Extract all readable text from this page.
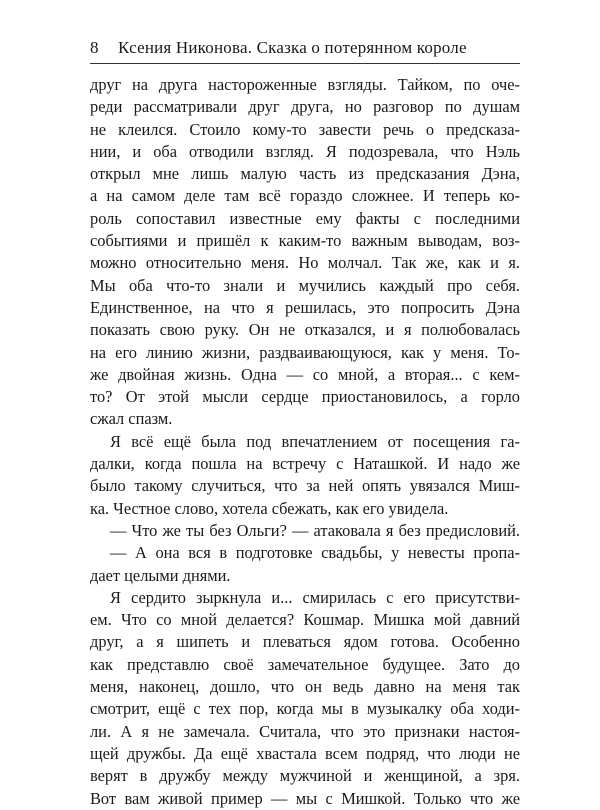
8 Ксения Никонова. Сказка о потерянном короле
друг на друга настороженные взгляды. Тайком, по оче-
реди рассматривали друг друга, но разговор по душам
не клеился. Стоило кому-то завести речь о предсказа-
нии, и оба отводили взгляд. Я подозревала, что Нэль
открыл мне лишь малую часть из предсказания Дэна,
а на самом деле там всё гораздо сложнее. И теперь ко-
роль сопоставил известные ему факты с последними
событиями и пришёл к каким-то важным выводам, воз-
можно относительно меня. Но молчал. Так же, как и я.
Мы оба что-то знали и мучились каждый про себя.
Единственное, на что я решилась, это попросить Дэна
показать свою руку. Он не отказался, и я полюбовалась
на его линию жизни, раздваивающуюся, как у меня. То-
же двойная жизнь. Одна — со мной, а вторая... с кем-
то? От этой мысли сердце приостановилось, а горло
сжал спазм.
Я всё ещё была под впечатлением от посещения га-
далки, когда пошла на встречу с Наташкой. И надо же
было такому случиться, что за ней опять увязался Миш-
ка. Честное слово, хотела сбежать, как его увидела.
— Что же ты без Ольги? — атаковала я без предисловий.
— А она вся в подготовке свадьбы, у невесты пропа-
дает целыми днями.
Я сердито зыркнула и... смирилась с его присутстви-
ем. Что со мной делается? Кошмар. Мишка мой давний
друг, а я шипеть и плеваться ядом готова. Особенно
как представлю своё замечательное будущее. Зато до
меня, наконец, дошло, что он ведь давно на меня так
смотрит, ещё с тех пор, когда мы в музыкалку оба ходи-
ли. А я не замечала. Считала, что это признаки настоя-
щей дружбы. Да ещё хвастала всем подряд, что люди не
верят в дружбу между мужчиной и женщиной, а зря.
Вот вам живой пример — мы с Мишкой. Только что же
